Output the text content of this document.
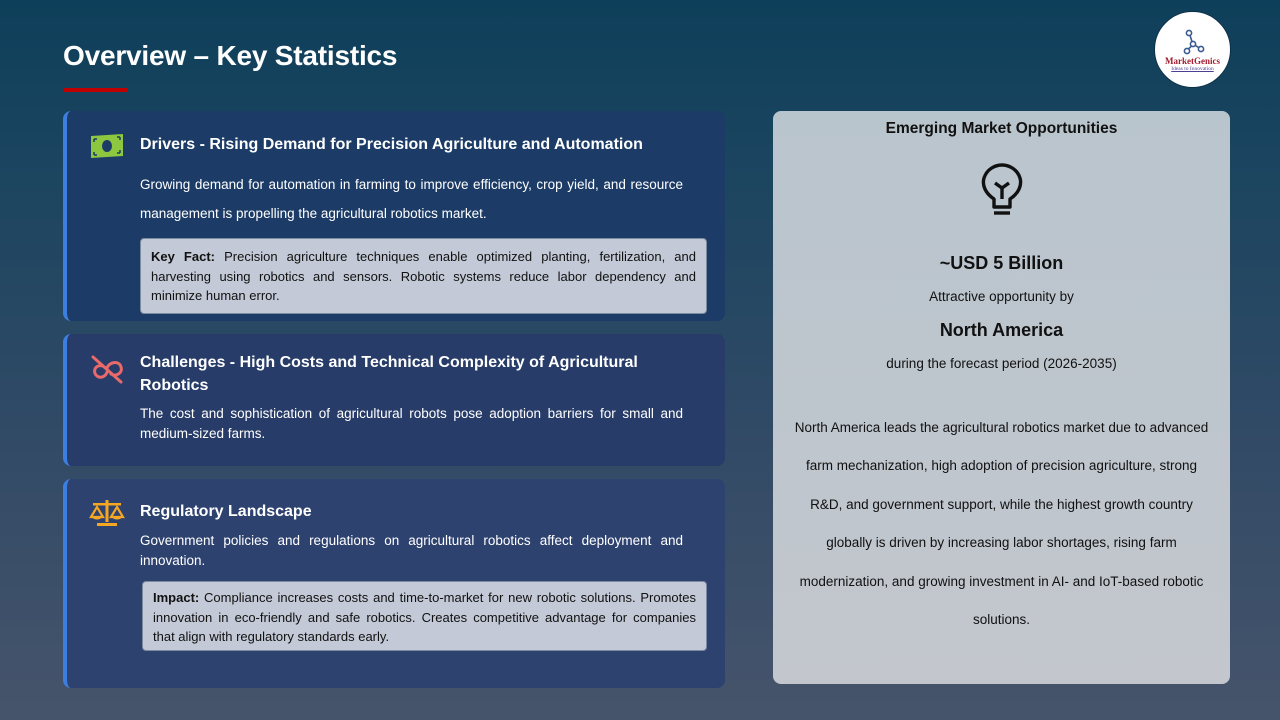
Overview – Key Statistics	MarketGenics
Ideas to Innovation
Drivers - Rising Demand for Precision Agriculture and Automation
Growing demand for automation in farming to improve efficiency, crop yield, and resource management is propelling the agricultural robotics market.
Key Fact: Precision agriculture techniques enable optimized planting, fertilization, and harvesting using robotics and sensors. Robotic systems reduce labor dependency and minimize human error.
Challenges - High Costs and Technical Complexity of Agricultural Robotics
The cost and sophistication of agricultural robots pose adoption barriers for small and medium-sized farms.
Regulatory Landscape
Government policies and regulations on agricultural robotics affect deployment and innovation.
Impact: Compliance increases costs and time-to-market for new robotic solutions. Promotes innovation in eco-friendly and safe robotics. Creates competitive advantage for companies that align with regulatory standards early.
Emerging Market Opportunities
~USD 5 Billion
Attractive opportunity by
North America
during the forecast period (2026-2035)
North America leads the agricultural robotics market due to advanced farm mechanization, high adoption of precision agriculture, strong R&D, and government support, while the highest growth country globally is driven by increasing labor shortages, rising farm modernization, and growing investment in AI- and IoT-based robotic solutions.
